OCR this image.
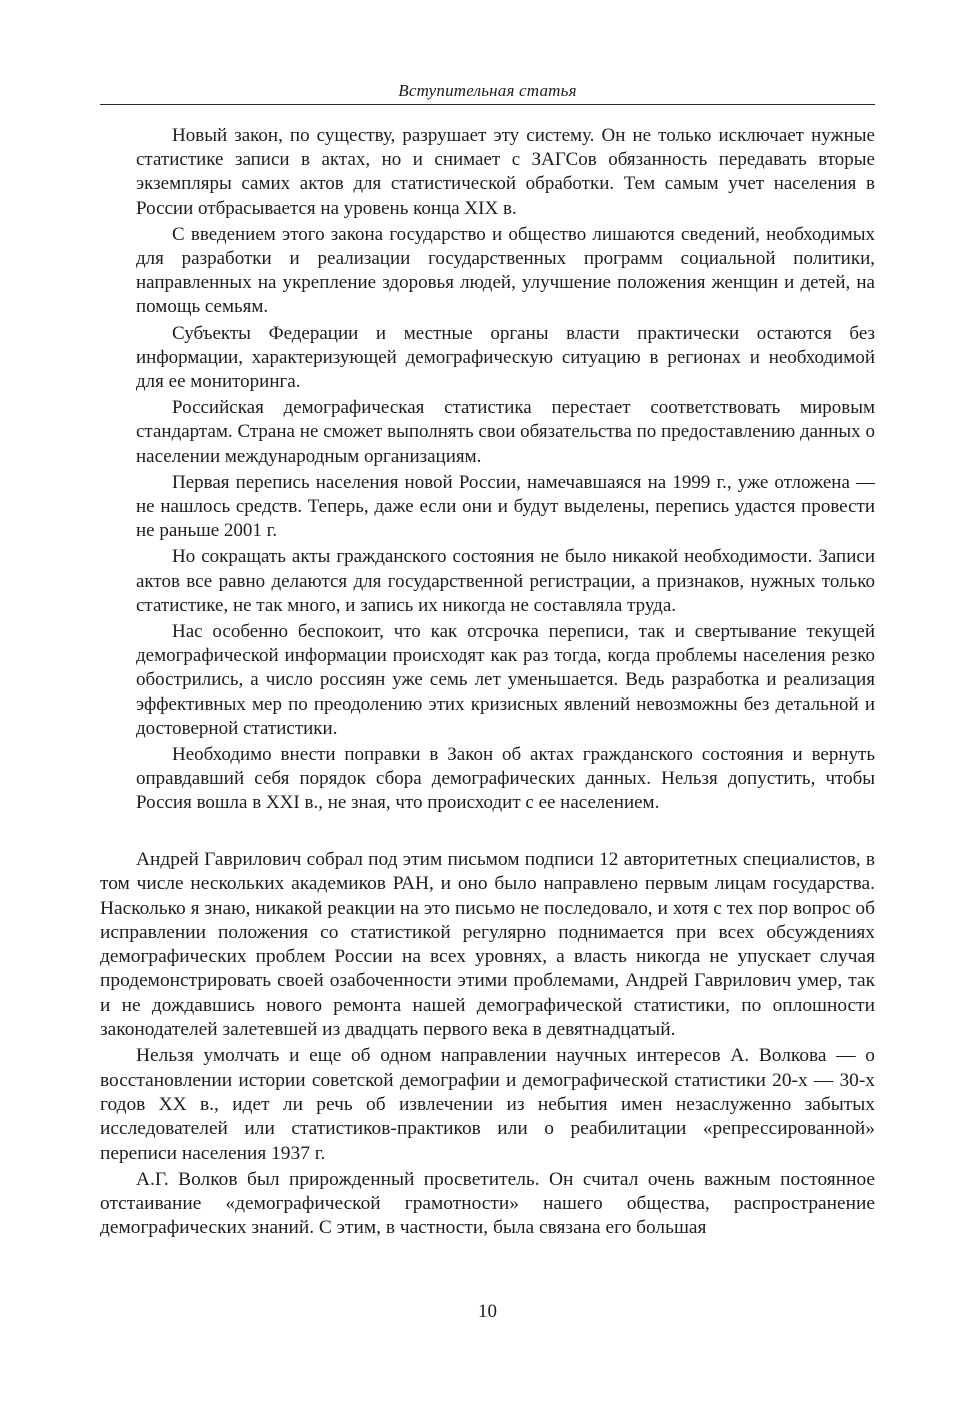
Вступительная статья

Новый закон, по существу, разрушает эту систему. Он не только исключает нужные статистике записи в актах, но и снимает с ЗАГСов обязанность передавать вторые экземпляры самих актов для статистической обработки. Тем самым учет населения в России отбрасывается на уровень конца XIX в.

С введением этого закона государство и общество лишаются сведений, необходимых для разработки и реализации государственных программ социальной политики, направленных на укрепление здоровья людей, улучшение положения женщин и детей, на помощь семьям.

Субъекты Федерации и местные органы власти практически остаются без информации, характеризующей демографическую ситуацию в регионах и необходимой для ее мониторинга.

Российская демографическая статистика перестает соответствовать мировым стандартам. Страна не сможет выполнять свои обязательства по предоставлению данных о населении международным организациям.

Первая перепись населения новой России, намечавшаяся на 1999 г., уже отложена — не нашлось средств. Теперь, даже если они и будут выделены, перепись удастся провести не раньше 2001 г.

Но сокращать акты гражданского состояния не было никакой необходимости. Записи актов все равно делаются для государственной регистрации, а признаков, нужных только статистике, не так много, и запись их никогда не составляла труда.

Нас особенно беспокоит, что как отсрочка переписи, так и свертывание текущей демографической информации происходят как раз тогда, когда проблемы населения резко обострились, а число россиян уже семь лет уменьшается. Ведь разработка и реализация эффективных мер по преодолению этих кризисных явлений невозможны без детальной и достоверной статистики.

Необходимо внести поправки в Закон об актах гражданского состояния и вернуть оправдавший себя порядок сбора демографических данных. Нельзя допустить, чтобы Россия вошла в XXI в., не зная, что происходит с ее населением.

Андрей Гаврилович собрал под этим письмом подписи 12 авторитетных специалистов, в том числе нескольких академиков РАН, и оно было направлено первым лицам государства. Насколько я знаю, никакой реакции на это письмо не последовало, и хотя с тех пор вопрос об исправлении положения со статистикой регулярно поднимается при всех обсуждениях демографических проблем России на всех уровнях, а власть никогда не упускает случая продемонстрировать своей озабоченности этими проблемами, Андрей Гаврилович умер, так и не дождавшись нового ремонта нашей демографической статистики, по оплошности законодателей залетевшей из двадцать первого века в девятнадцатый.

Нельзя умолчать и еще об одном направлении научных интересов А. Волкова — о восстановлении истории советской демографии и демографической статистики 20-х — 30-х годов XX в., идет ли речь об извлечении из небытия имен незаслуженно забытых исследователей или статистиков-практиков или о реабилитации «репрессированной» переписи населения 1937 г.

А.Г. Волков был прирожденный просветитель. Он считал очень важным постоянное отстаивание «демографической грамотности» нашего общества, распространение демографических знаний. С этим, в частности, была связана его большая

10
